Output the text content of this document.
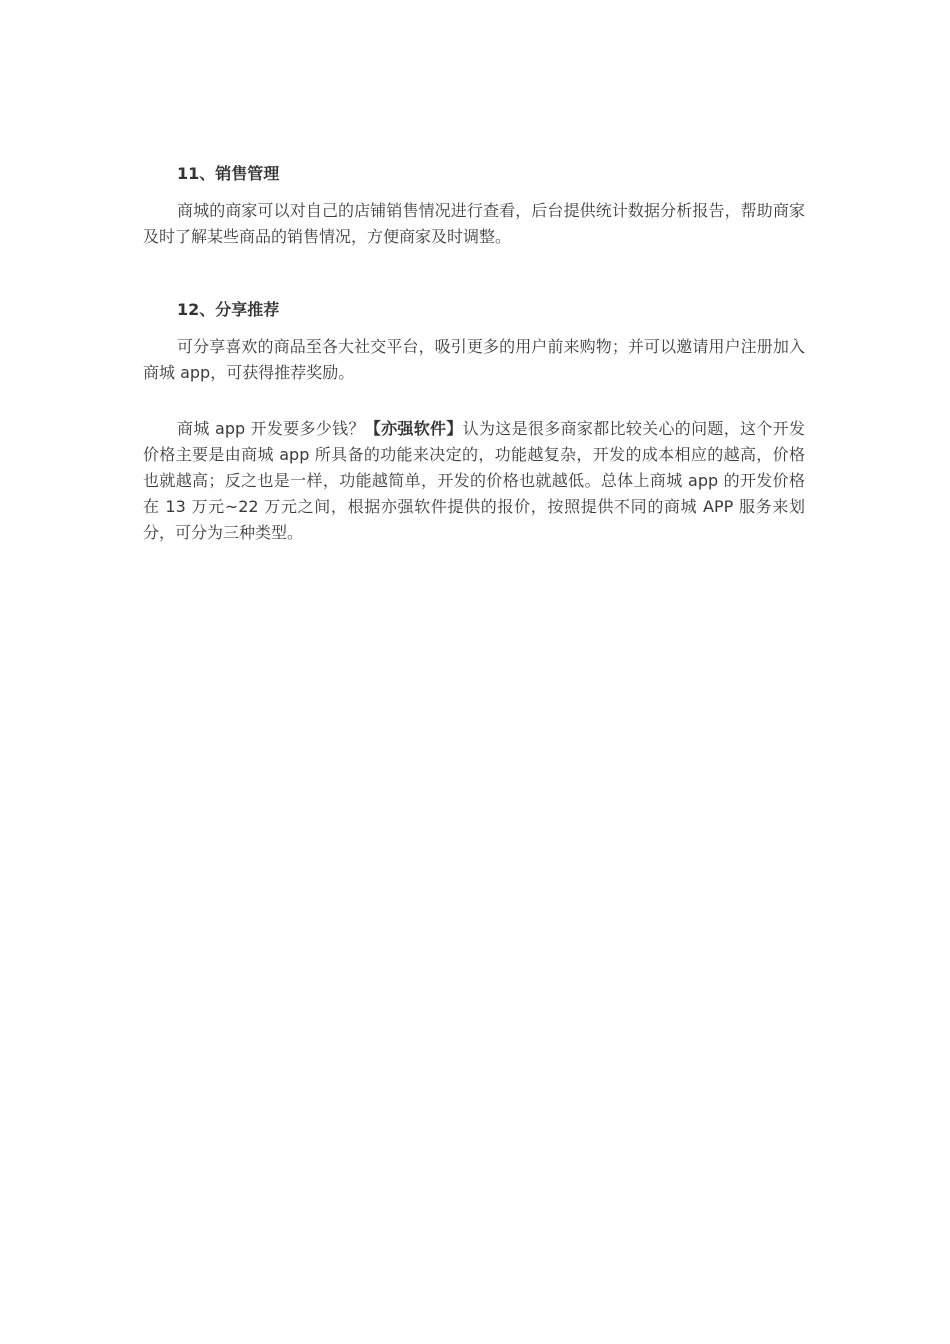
11、销售管理

商城的商家可以对自己的店铺销售情况进行查看，后台提供统计数据分析报告，帮助商家及时了解某些商品的销售情况，方便商家及时调整。

12、分享推荐

可分享喜欢的商品至各大社交平台，吸引更多的用户前来购物；并可以邀请用户注册加入商城 app，可获得推荐奖励。

商城 app 开发要多少钱？【亦强软件】认为这是很多商家都比较关心的问题，这个开发价格主要是由商城 app 所具备的功能来决定的，功能越复杂，开发的成本相应的越高，价格也就越高；反之也是一样，功能越简单，开发的价格也就越低。总体上商城 app 的开发价格在 13 万元~22 万元之间，根据亦强软件提供的报价，按照提供不同的商城 APP 服务来划分，可分为三种类型。
